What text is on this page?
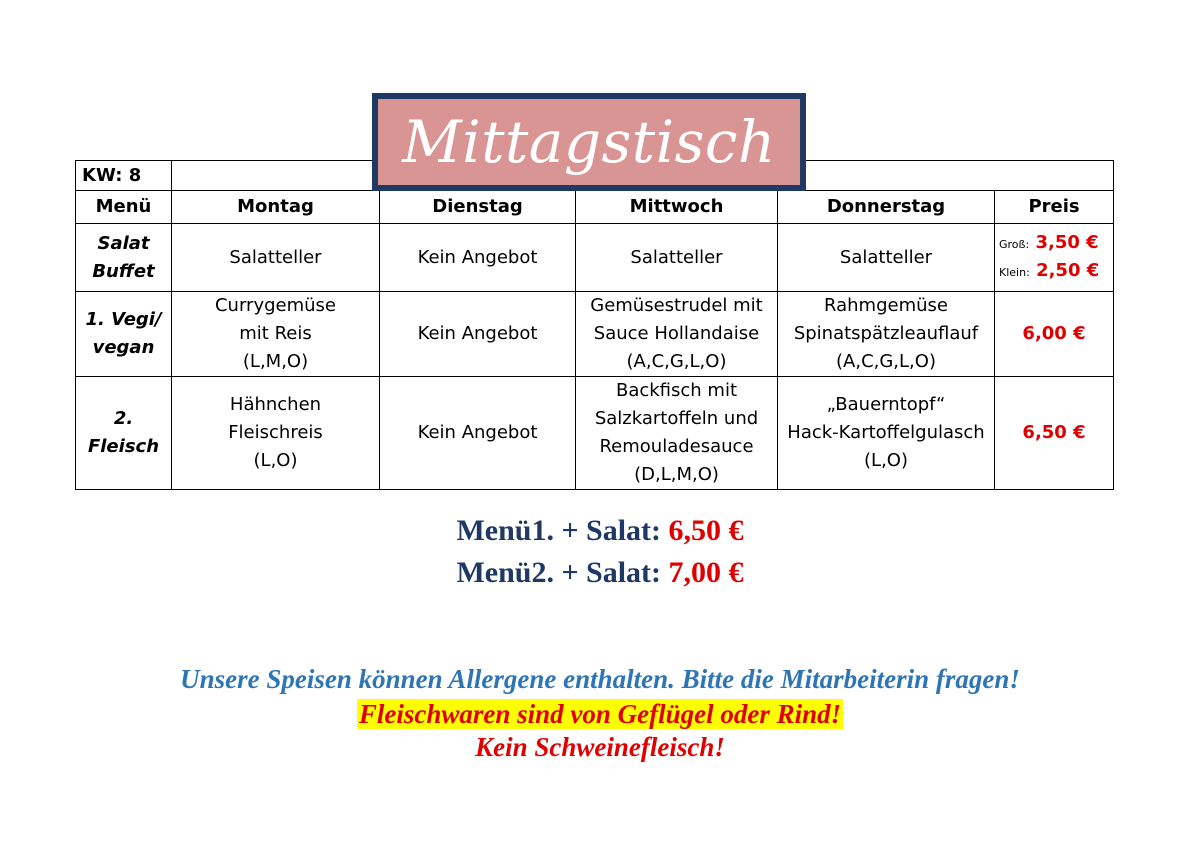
KW: 8					
Menü	Montag	Dienstag	Mittwoch	Donnerstag	Preis

Salat
Buffet	Salatteller	Kein Angebot	Salatteller	Salatteller	Groß: 3,50 €
Klein: 2,50 €

1. Vegi/
vegan	Currygemüse
mit Reis
(L,M,O)	Kein Angebot	Gemüsestrudel mit
Sauce Hollandaise
(A,C,G,L,O)	Rahmgemüse
Spinatspätzleauflauf
(A,C,G,L,O)	6,00 €

2. Fleisch	Hähnchen
Fleischreis
(L,O)	Kein Angebot	Backfisch mit
Salzkartoffeln und
Remouladesauce
(D,L,M,O)	„Bauerntopf“
Hack-Kartoffelgulasch
(L,O)	6,50 €
Mittagstisch
Menü1. + Salat: 6,50 €
Menü2. + Salat: 7,00 €
Unsere Speisen können Allergene enthalten. Bitte die Mitarbeiterin fragen!
Fleischwaren sind von Geflügel oder Rind!
Kein Schweinefleisch!
